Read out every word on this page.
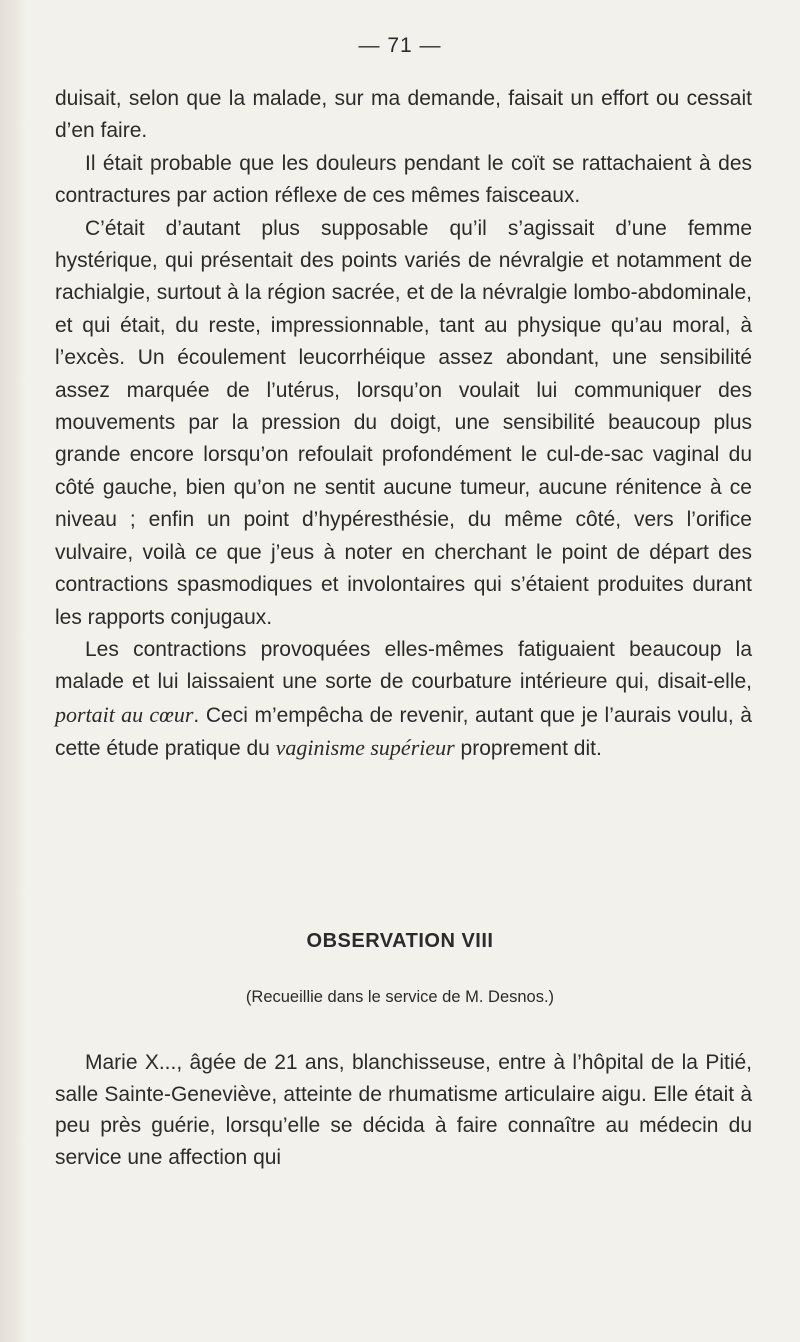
— 71 —

duisait, selon que la malade, sur ma demande, faisait un effort ou cessait d’en faire.

Il était probable que les douleurs pendant le coït se rattachaient à des contractures par action réflexe de ces mêmes faisceaux.

C’était d’autant plus supposable qu’il s’agissait d’une femme hystérique, qui présentait des points variés de névralgie et notamment de rachialgie, surtout à la région sacrée, et de la névralgie lombo-abdominale, et qui était, du reste, impressionnable, tant au physique qu’au moral, à l’excès. Un écoulement leucorrhéique assez abondant, une sensibilité assez marquée de l’utérus, lorsqu’on voulait lui communiquer des mouvements par la pression du doigt, une sensibilité beaucoup plus grande encore lorsqu’on refoulait profondément le cul-de-sac vaginal du côté gauche, bien qu’on ne sentit aucune tumeur, aucune rénitence à ce niveau ; enfin un point d’hypéresthésie, du même côté, vers l’orifice vulvaire, voilà ce que j’eus à noter en cherchant le point de départ des contractions spasmodiques et involontaires qui s’étaient produites durant les rapports conjugaux.

Les contractions provoquées elles-mêmes fatiguaient beaucoup la malade et lui laissaient une sorte de courbature intérieure qui, disait-elle, portait au cœur. Ceci m’empêcha de revenir, autant que je l’aurais voulu, à cette étude pratique du vaginisme supérieur proprement dit.

OBSERVATION VIII
(Recueillie dans le service de M. Desnos.)

Marie X..., âgée de 21 ans, blanchisseuse, entre à l’hôpital de la Pitié, salle Sainte-Geneviève, atteinte de rhumatisme articulaire aigu. Elle était à peu près guérie, lorsqu’elle se décida à faire connaître au médecin du service une affection qui
